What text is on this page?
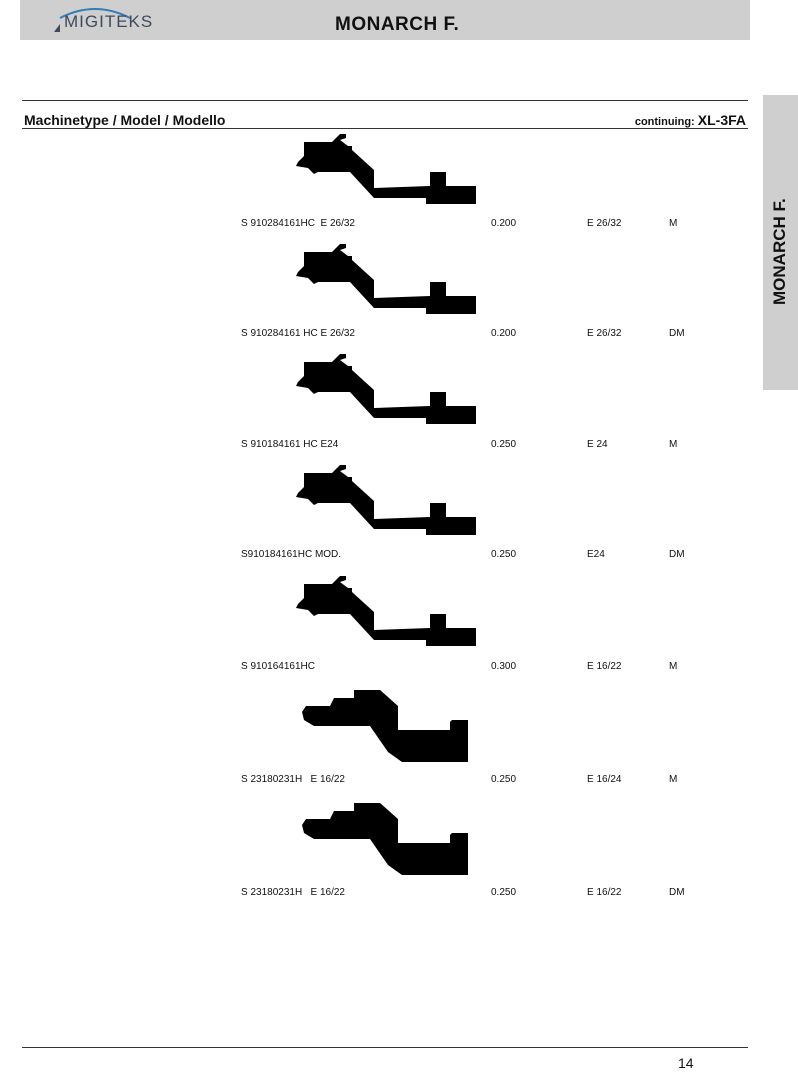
MIGITEKS	MONARCH F.
MONARCH F.
Machinetype / Model / Modello	continuing: XL-3FA
S 910284161HC  E 26/32	0.200	E 26/32	M
S 910284161 HC E 26/32	0.200	E 26/32	DM
S 910184161 HC E24	0.250	E 24	M
S910184161HC MOD.	0.250	E24	DM
S 910164161HC	0.300	E 16/22	M
S 23180231H   E 16/22	0.250	E 16/24	M
S 23180231H   E 16/22	0.250	E 16/22	DM
14
